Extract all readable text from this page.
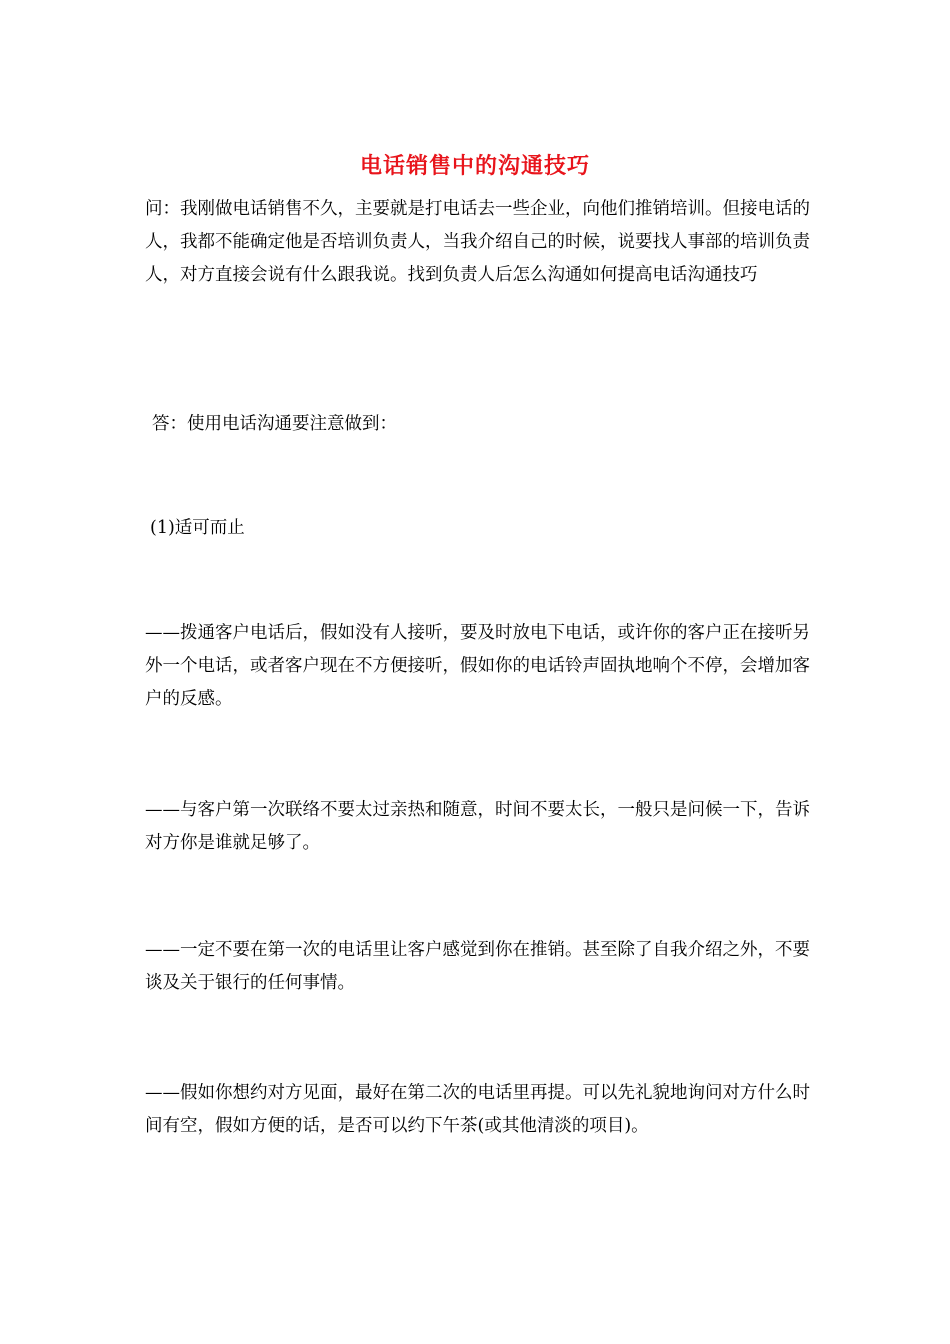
电话销售中的沟通技巧

问：我刚做电话销售不久，主要就是打电话去一些企业，向他们推销培训。但接电话的人，我都不能确定他是否培训负责人，当我介绍自己的时候，说要找人事部的培训负责人，对方直接会说有什么跟我说。找到负责人后怎么沟通如何提高电话沟通技巧

答：使用电话沟通要注意做到：

(1)适可而止

——拨通客户电话后，假如没有人接听，要及时放电下电话，或许你的客户正在接听另外一个电话，或者客户现在不方便接听，假如你的电话铃声固执地响个不停，会增加客户的反感。

——与客户第一次联络不要太过亲热和随意，时间不要太长，一般只是问候一下，告诉对方你是谁就足够了。

——一定不要在第一次的电话里让客户感觉到你在推销。甚至除了自我介绍之外，不要谈及关于银行的任何事情。

——假如你想约对方见面，最好在第二次的电话里再提。可以先礼貌地询问对方什么时间有空，假如方便的话，是否可以约下午茶(或其他清淡的项目)。
